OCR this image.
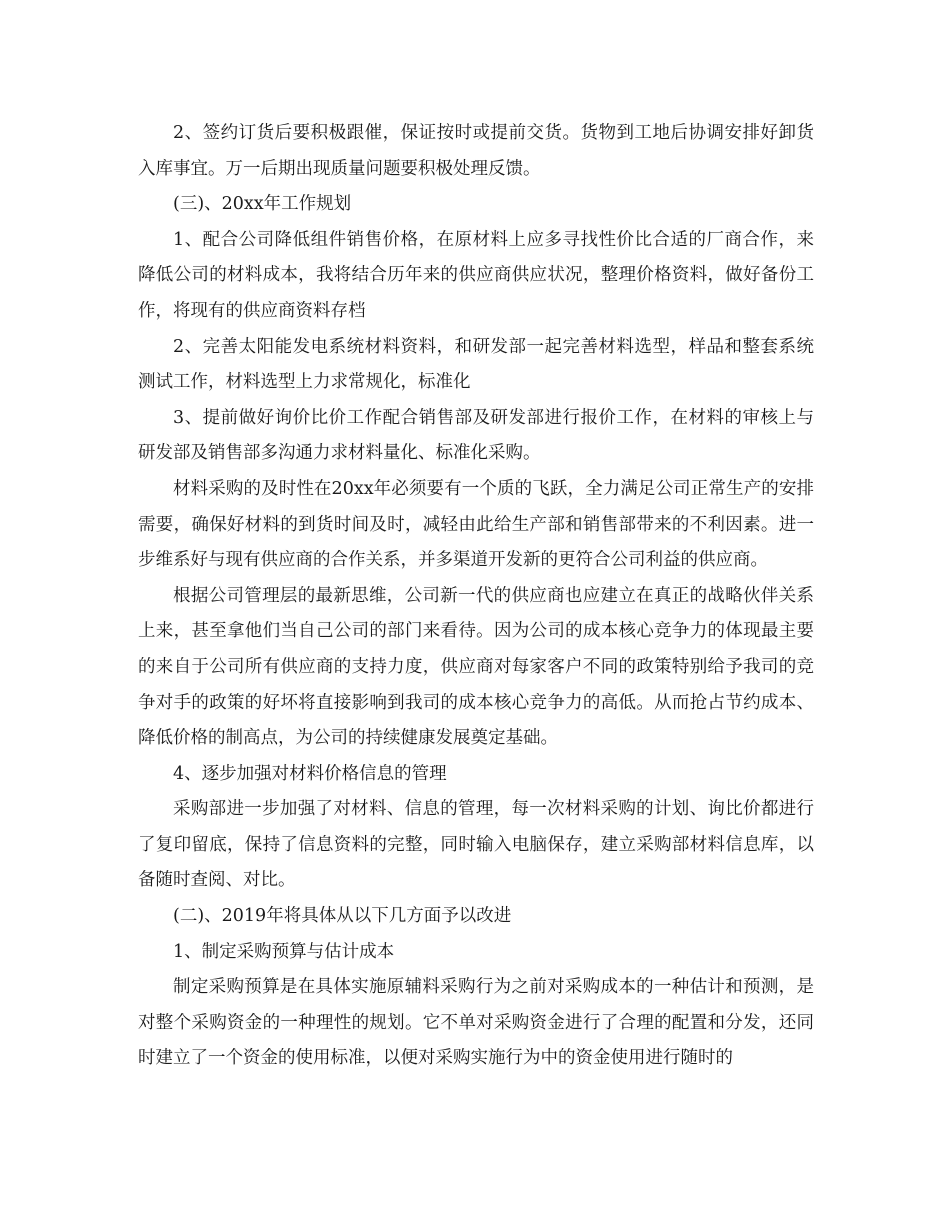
2、签约订货后要积极跟催，保证按时或提前交货。货物到工地后协调安排好卸货入库事宜。万一后期出现质量问题要积极处理反馈。

(三)、20xx年工作规划

1、配合公司降低组件销售价格，在原材料上应多寻找性价比合适的厂商合作，来降低公司的材料成本，我将结合历年来的供应商供应状况，整理价格资料，做好备份工作，将现有的供应商资料存档

2、完善太阳能发电系统材料资料，和研发部一起完善材料选型，样品和整套系统测试工作，材料选型上力求常规化，标准化

3、提前做好询价比价工作配合销售部及研发部进行报价工作，在材料的审核上与研发部及销售部多沟通力求材料量化、标准化采购。

材料采购的及时性在20xx年必须要有一个质的飞跃，全力满足公司正常生产的安排需要，确保好材料的到货时间及时，减轻由此给生产部和销售部带来的不利因素。进一步维系好与现有供应商的合作关系，并多渠道开发新的更符合公司利益的供应商。

根据公司管理层的最新思维，公司新一代的供应商也应建立在真正的战略伙伴关系上来，甚至拿他们当自己公司的部门来看待。因为公司的成本核心竞争力的体现最主要的来自于公司所有供应商的支持力度，供应商对每家客户不同的政策特别给予我司的竞争对手的政策的好坏将直接影响到我司的成本核心竞争力的高低。从而抢占节约成本、降低价格的制高点，为公司的持续健康发展奠定基础。

4、逐步加强对材料价格信息的管理

采购部进一步加强了对材料、信息的管理，每一次材料采购的计划、询比价都进行了复印留底，保持了信息资料的完整，同时输入电脑保存，建立采购部材料信息库，以备随时查阅、对比。

(二)、2019年将具体从以下几方面予以改进

1、制定采购预算与估计成本

制定采购预算是在具体实施原辅料采购行为之前对采购成本的一种估计和预测，是对整个采购资金的一种理性的规划。它不单对采购资金进行了合理的配置和分发，还同时建立了一个资金的使用标准，以便对采购实施行为中的资金使用进行随时的
